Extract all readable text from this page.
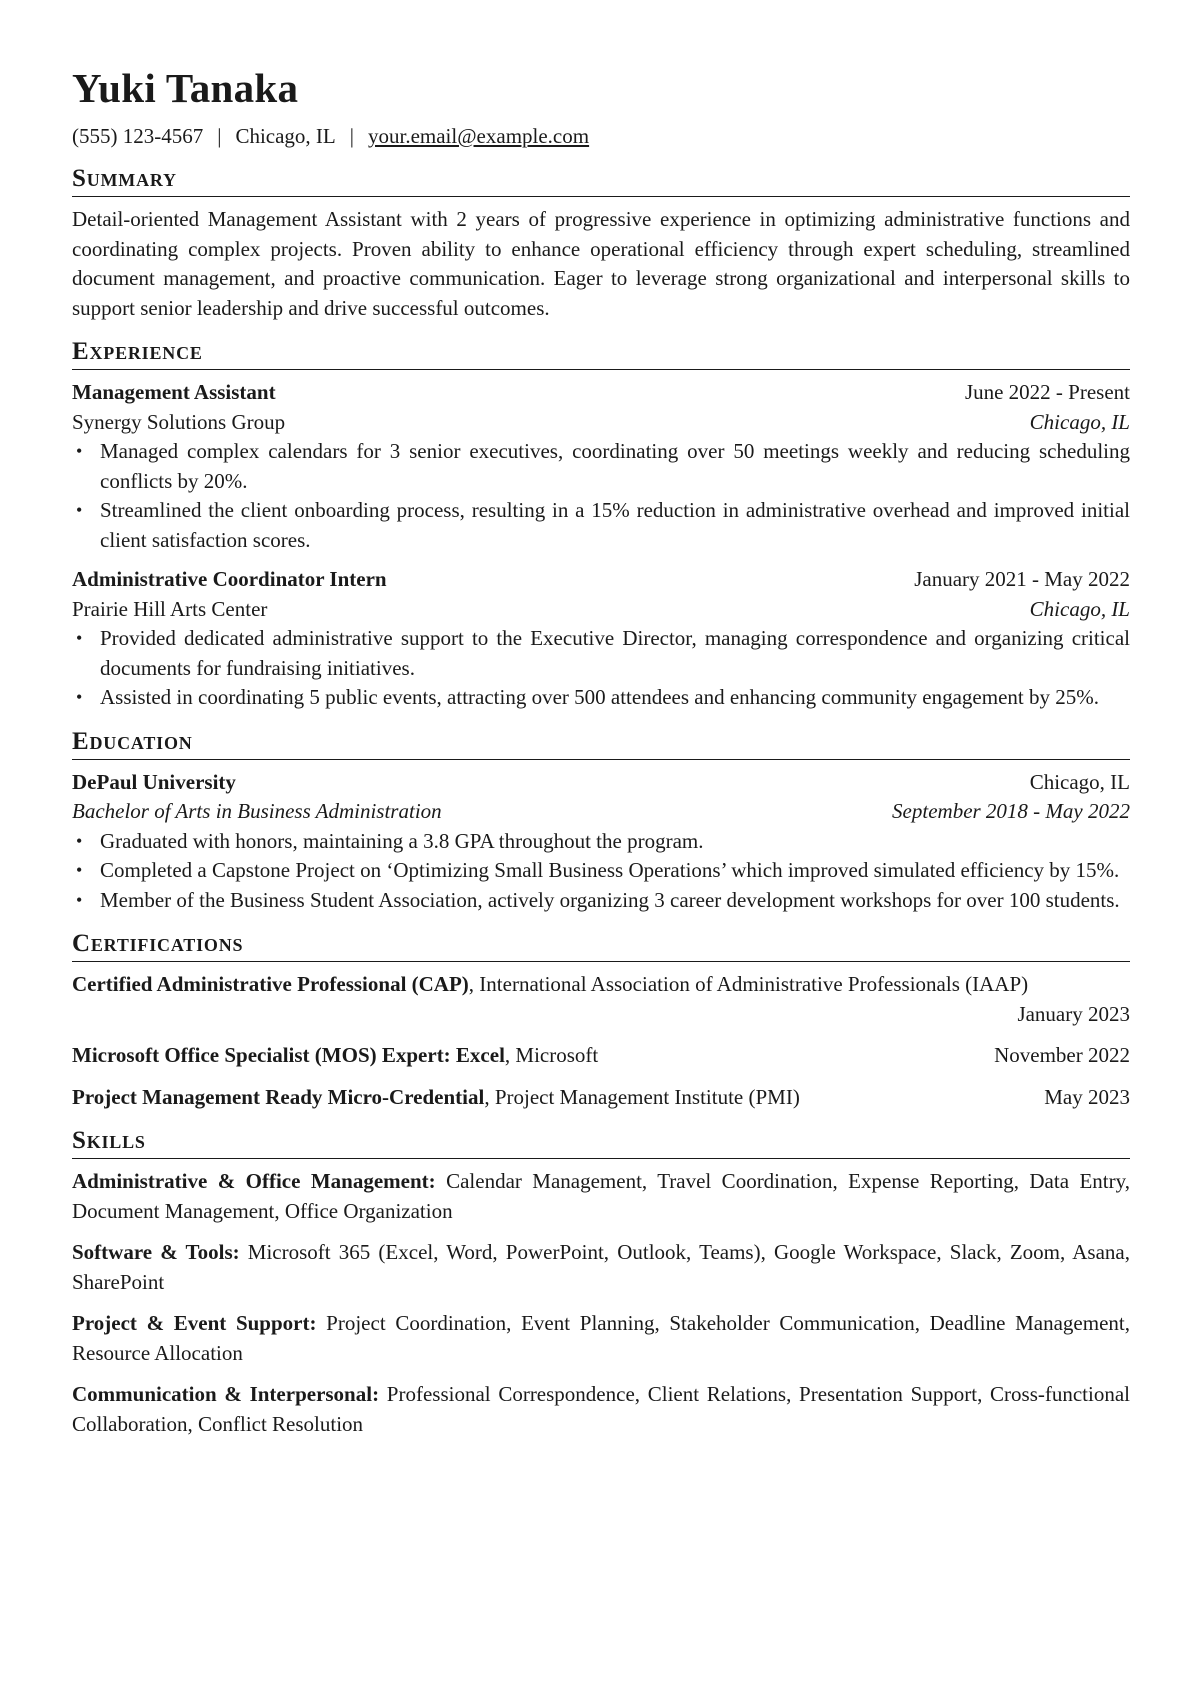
Yuki Tanaka
(555) 123-4567 | Chicago, IL | your.email@example.com
Summary
Detail-oriented Management Assistant with 2 years of progressive experience in optimizing administrative functions and coordinating complex projects. Proven ability to enhance operational efficiency through expert scheduling, streamlined document management, and proactive communication. Eager to leverage strong organizational and interpersonal skills to support senior leadership and drive successful outcomes.
Experience
Management Assistant	June 2022 - Present
Synergy Solutions Group	Chicago, IL
• Managed complex calendars for 3 senior executives, coordinating over 50 meetings weekly and reducing scheduling conflicts by 20%.
• Streamlined the client onboarding process, resulting in a 15% reduction in administrative overhead and improved initial client satisfaction scores.
Administrative Coordinator Intern	January 2021 - May 2022
Prairie Hill Arts Center	Chicago, IL
• Provided dedicated administrative support to the Executive Director, managing correspondence and organizing critical documents for fundraising initiatives.
• Assisted in coordinating 5 public events, attracting over 500 attendees and enhancing community engagement by 25%.
Education
DePaul University	Chicago, IL
Bachelor of Arts in Business Administration	September 2018 - May 2022
• Graduated with honors, maintaining a 3.8 GPA throughout the program.
• Completed a Capstone Project on ‘Optimizing Small Business Operations’ which improved simulated efficiency by 15%.
• Member of the Business Student Association, actively organizing 3 career development workshops for over 100 students.
Certifications
Certified Administrative Professional (CAP), International Association of Administrative Professionals (IAAP)
January 2023
Microsoft Office Specialist (MOS) Expert: Excel, Microsoft	November 2022
Project Management Ready Micro-Credential, Project Management Institute (PMI)	May 2023
Skills
Administrative & Office Management: Calendar Management, Travel Coordination, Expense Reporting, Data Entry, Document Management, Office Organization
Software & Tools: Microsoft 365 (Excel, Word, PowerPoint, Outlook, Teams), Google Workspace, Slack, Zoom, Asana, SharePoint
Project & Event Support: Project Coordination, Event Planning, Stakeholder Communication, Deadline Management, Resource Allocation
Communication & Interpersonal: Professional Correspondence, Client Relations, Presentation Support, Cross-functional Collaboration, Conflict Resolution
